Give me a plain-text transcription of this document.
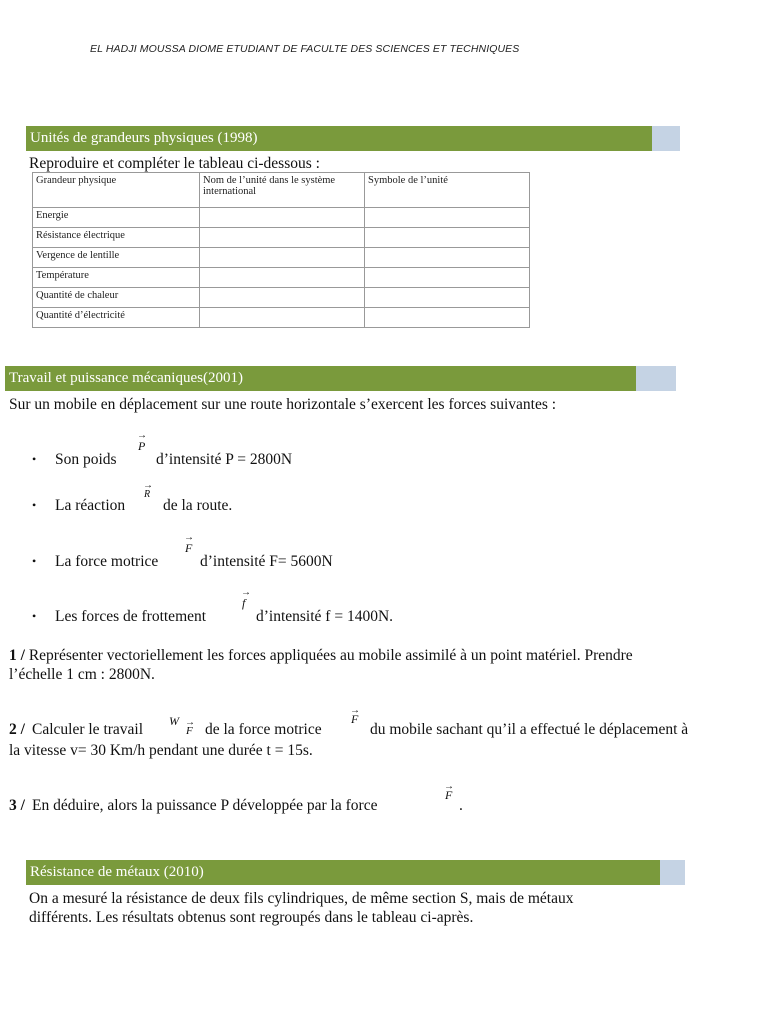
EL HADJI MOUSSA DIOME ETUDIANT DE FACULTE DES SCIENCES ET TECHNIQUES
Unités de grandeurs physiques (1998)
Reproduire et compléter le tableau ci-dessous :
Grandeur physique	Nom de l’unité dans le système international	Symbole de l’unité
Energie		
Résistance électrique		
Vergence de lentille		
Température		
Quantité de chaleur		
Quantité d’électricité		
Travail et puissance mécaniques(2001)
Sur un mobile en déplacement sur une route horizontale s’exercent les forces suivantes :
• Son poids
→
P
d’intensité P = 2800N
• La réaction
→
R
de la route.
• La force motrice
→
F
d’intensité F= 5600N
• Les forces de frottement
→
f
d’intensité f = 1400N.
1 / Représenter vectoriellement les forces appliquées au mobile assimilé à un point matériel. Prendre
l’échelle 1 cm : 2800N.
2 / Calculer le travail W →
F de la force motrice
→
F
du mobile sachant qu’il a effectué le déplacement à
la vitesse v= 30 Km/h pendant une durée t = 15s.
3 / En déduire, alors la puissance P développée par la force
→
F
.
Résistance de métaux (2010)
On a mesuré la résistance de deux fils cylindriques, de même section S, mais de métaux
différents. Les résultats obtenus sont regroupés dans le tableau ci-après.
